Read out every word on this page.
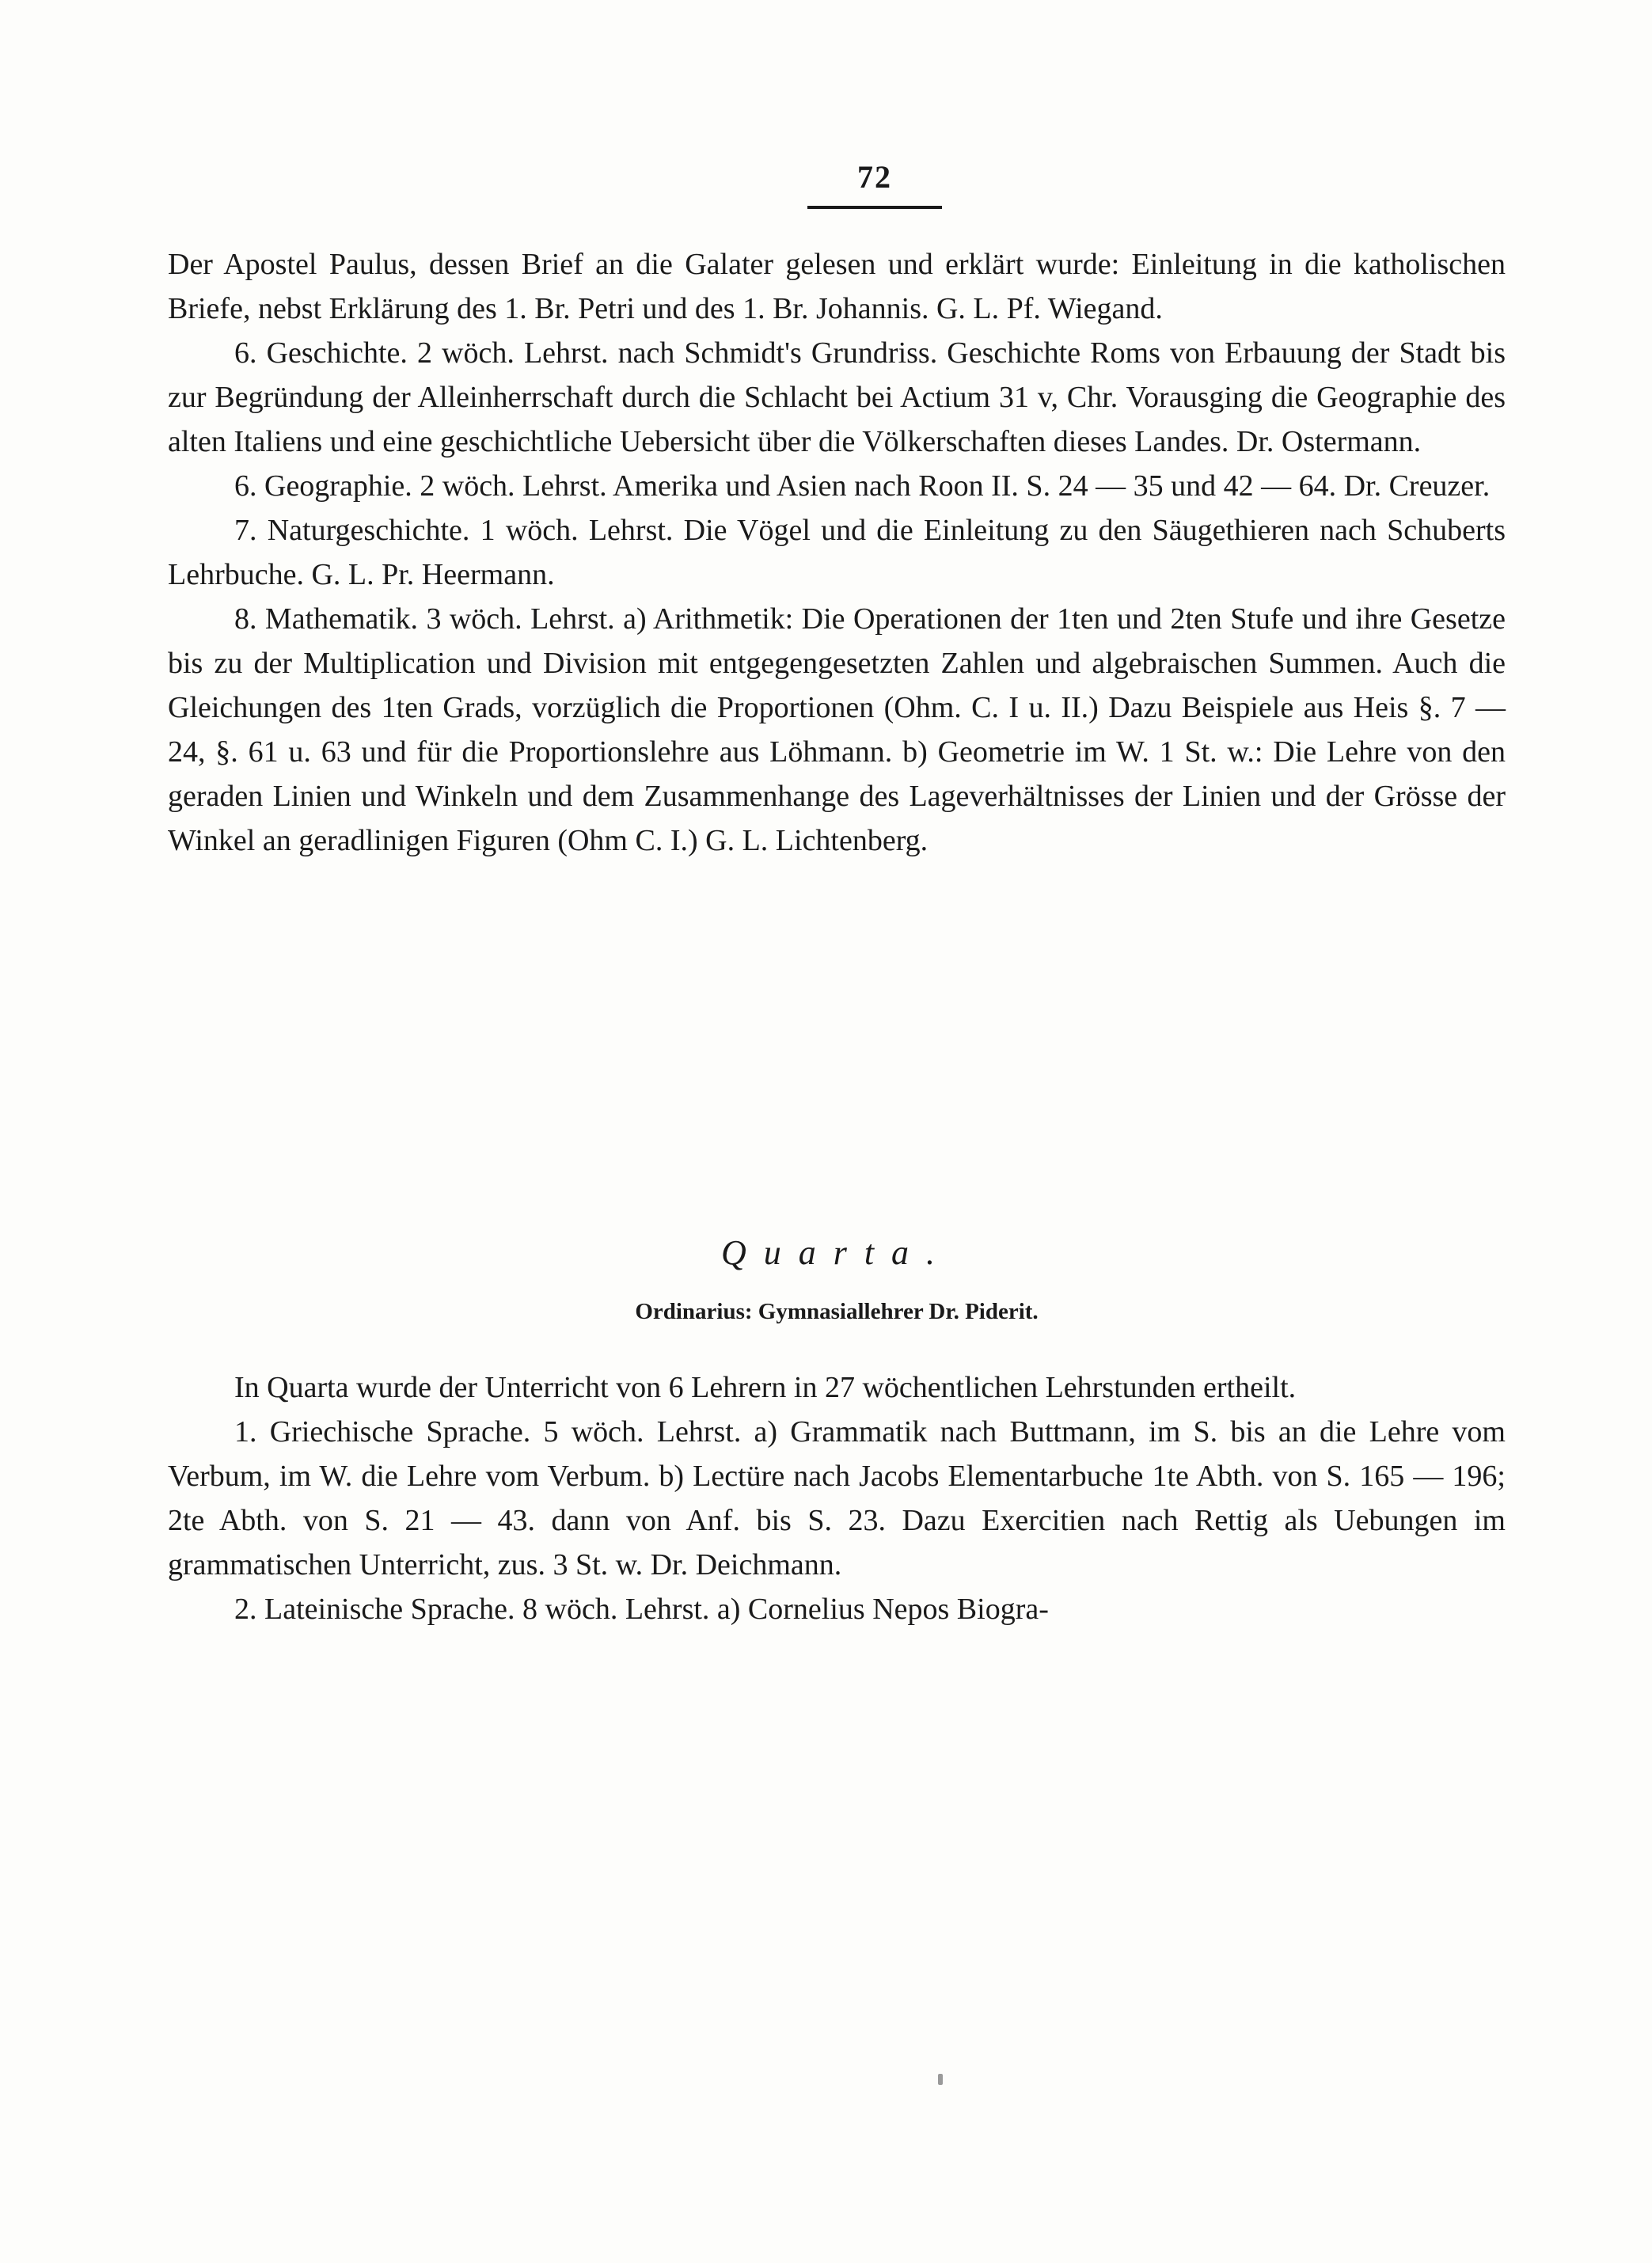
72

Der Apostel Paulus, dessen Brief an die Galater gelesen und erklärt wurde: Einleitung in die katholischen Briefe, nebst Erklärung des 1. Br. Petri und des 1. Br. Johannis. G. L. Pf. Wiegand.

6. Geschichte. 2 wöch. Lehrst. nach Schmidt's Grundriss. Geschichte Roms von Erbauung der Stadt bis zur Begründung der Alleinherrschaft durch die Schlacht bei Actium 31 v, Chr. Vorausging die Geographie des alten Italiens und eine geschichtliche Uebersicht über die Völkerschaften dieses Landes. Dr. Ostermann.

6. Geographie. 2 wöch. Lehrst. Amerika und Asien nach Roon II. S. 24 — 35 und 42 — 64. Dr. Creuzer.

7. Naturgeschichte. 1 wöch. Lehrst. Die Vögel und die Einleitung zu den Säugethieren nach Schuberts Lehrbuche. G. L. Pr. Heermann.

8. Mathematik. 3 wöch. Lehrst. a) Arithmetik: Die Operationen der 1ten und 2ten Stufe und ihre Gesetze bis zu der Multiplication und Division mit entgegengesetzten Zahlen und algebraischen Summen. Auch die Gleichungen des 1ten Grads, vorzüglich die Proportionen (Ohm. C. I u. II.) Dazu Beispiele aus Heis §. 7 — 24, §. 61 u. 63 und für die Proportionslehre aus Löhmann. b) Geometrie im W. 1 St. w.: Die Lehre von den geraden Linien und Winkeln und dem Zusammenhange des Lageverhältnisses der Linien und der Grösse der Winkel an geradlinigen Figuren (Ohm C. I.) G. L. Lichtenberg.

Quarta.
Ordinarius: Gymnasiallehrer Dr. Piderit.

In Quarta wurde der Unterricht von 6 Lehrern in 27 wöchentlichen Lehrstunden ertheilt.

1. Griechische Sprache. 5 wöch. Lehrst. a) Grammatik nach Buttmann, im S. bis an die Lehre vom Verbum, im W. die Lehre vom Verbum. b) Lectüre nach Jacobs Elementarbuche 1te Abth. von S. 165 — 196; 2te Abth. von S. 21 — 43. dann von Anf. bis S. 23. Dazu Exercitien nach Rettig als Uebungen im grammatischen Unterricht, zus. 3 St. w. Dr. Deichmann.

2. Lateinische Sprache. 8 wöch. Lehrst. a) Cornelius Nepos Biogra-
